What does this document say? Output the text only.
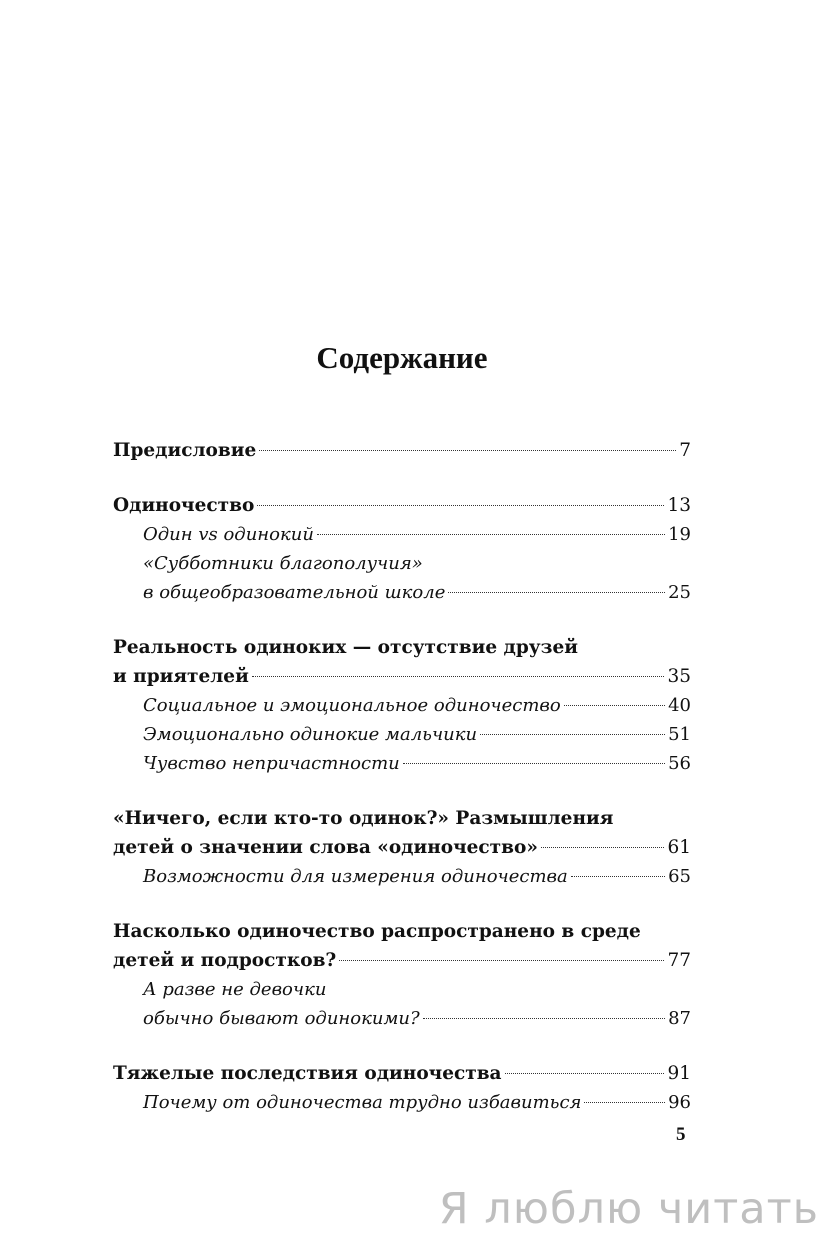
Содержание
Предисловие	7
Одиночество	13
Один vs одинокий	19
«Субботники благополучия»
в общеобразовательной школе	25
Реальность одиноких — отсутствие друзей
и приятелей	35
Социальное и эмоциональное одиночество	40
Эмоционально одинокие мальчики	51
Чувство непричастности	56
«Ничего, если кто-то одинок?» Размышления
детей о значении слова «одиночество»	61
Возможности для измерения одиночества	65
Насколько одиночество распространено в среде
детей и подростков?	77
А разве не девочки
обычно бывают одинокими?	87
Тяжелые последствия одиночества	91
Почему от одиночества трудно избавиться	96
5
Я люблю читать
